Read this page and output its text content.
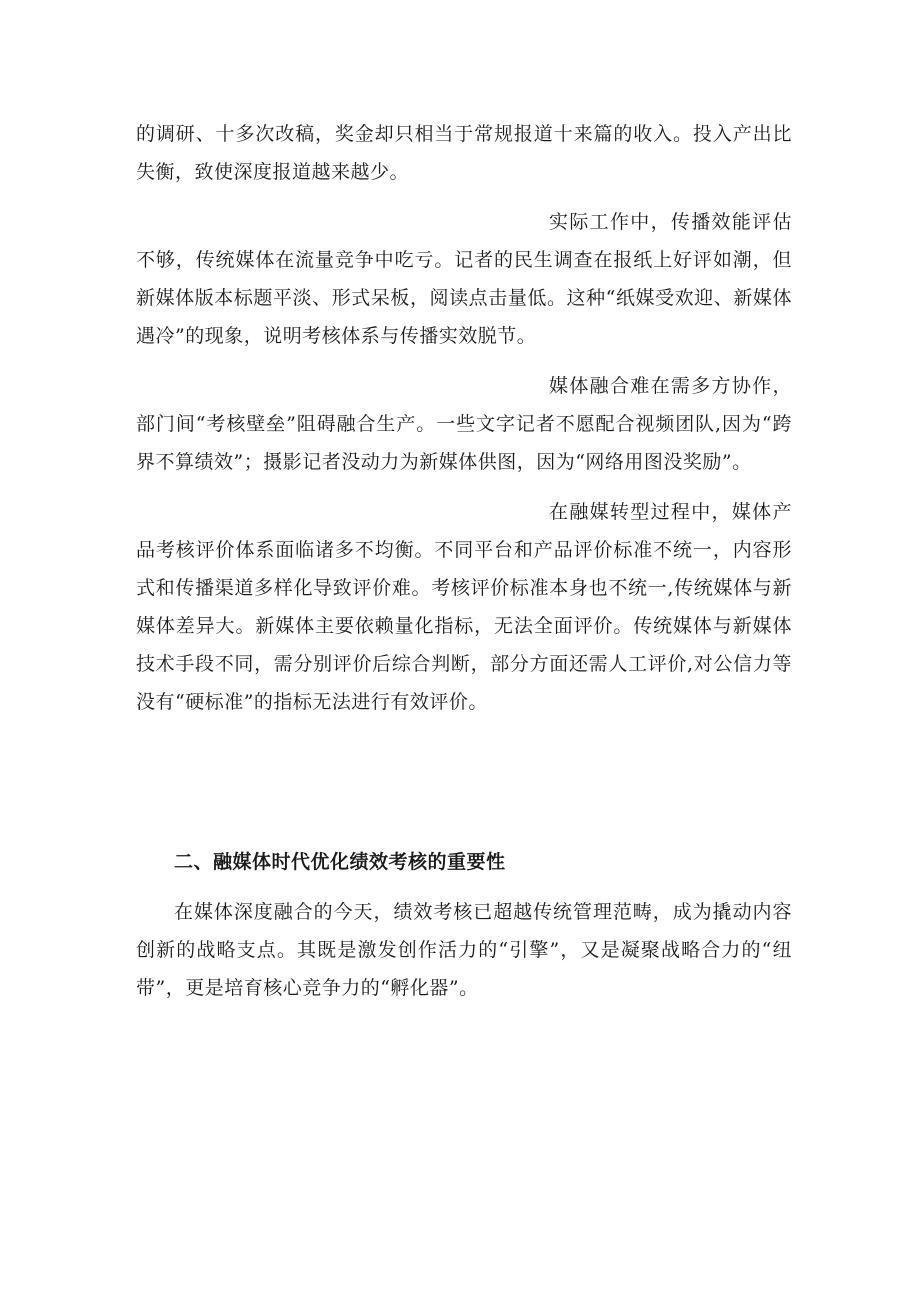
的调研、十多次改稿，奖金却只相当于常规报道十来篇的收入。投入产出比失衡，致使深度报道越来越少。

实际工作中，传播效能评估不够，传统媒体在流量竞争中吃亏。记者的民生调查在报纸上好评如潮，但新媒体版本标题平淡、形式呆板，阅读点击量低。这种“纸媒受欢迎、新媒体遇冷”的现象，说明考核体系与传播实效脱节。

媒体融合难在需多方协作，部门间“考核壁垒”阻碍融合生产。一些文字记者不愿配合视频团队,因为“跨界不算绩效”；摄影记者没动力为新媒体供图，因为“网络用图没奖励”。

在融媒转型过程中，媒体产品考核评价体系面临诸多不均衡。不同平台和产品评价标准不统一，内容形式和传播渠道多样化导致评价难。考核评价标准本身也不统一,传统媒体与新媒体差异大。新媒体主要依赖量化指标，无法全面评价。传统媒体与新媒体技术手段不同，需分别评价后综合判断，部分方面还需人工评价,对公信力等没有“硬标准”的指标无法进行有效评价。

二、融媒体时代优化绩效考核的重要性

在媒体深度融合的今天，绩效考核已超越传统管理范畴，成为撬动内容创新的战略支点。其既是激发创作活力的“引擎”，又是凝聚战略合力的“纽带”，更是培育核心竞争力的“孵化器”。
